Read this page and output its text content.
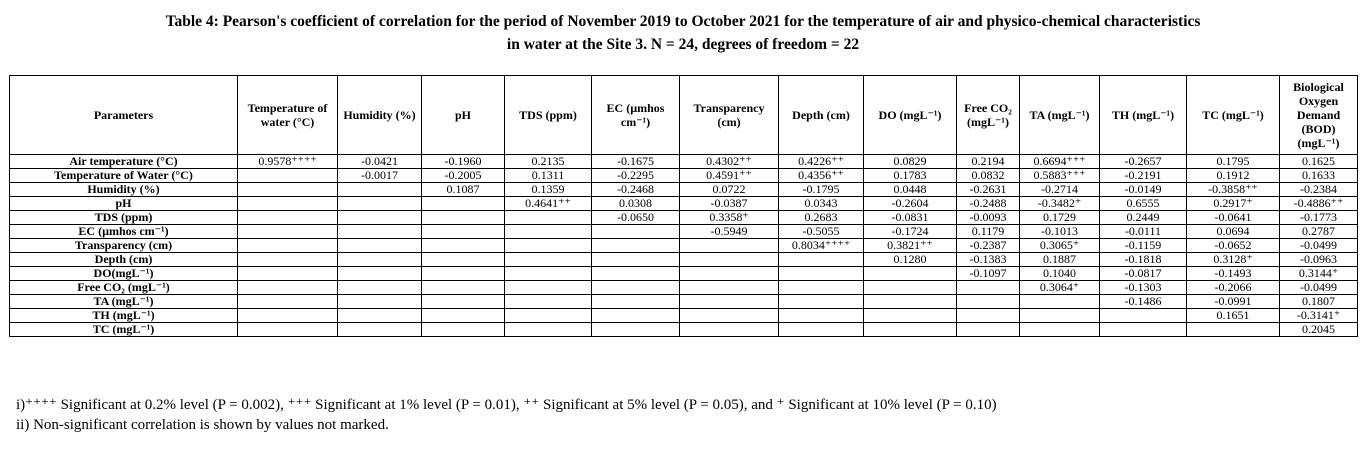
Table 4: Pearson's coefficient of correlation for the period of November 2019 to October 2021 for the temperature of air and physico-chemical characteristics
in water at the Site 3. N = 24, degrees of freedom = 22
Parameters	Temperature of water (°C)	Humidity (%)	pH	TDS (ppm)	EC (µmhos cm⁻¹)	Transparency (cm)	Depth (cm)	DO (mgL⁻¹)	Free CO₂ (mgL⁻¹)	TA (mgL⁻¹)	TH (mgL⁻¹)	TC (mgL⁻¹)	Biological Oxygen Demand (BOD) (mgL⁻¹)
Air temperature (°C)	0.9578⁺⁺⁺⁺	-0.0421	-0.1960	0.2135	-0.1675	0.4302⁺⁺	0.4226⁺⁺	0.0829	0.2194	0.6694⁺⁺⁺	-0.2657	0.1795	0.1625
Temperature of Water (°C)		-0.0017	-0.2005	0.1311	-0.2295	0.4591⁺⁺	0.4356⁺⁺	0.1783	0.0832	0.5883⁺⁺⁺	-0.2191	0.1912	0.1633
Humidity (%)			0.1087	0.1359	-0.2468	0.0722	-0.1795	0.0448	-0.2631	-0.2714	-0.0149	-0.3858⁺⁺	-0.2384
pH				0.4641⁺⁺	0.0308	-0.0387	0.0343	-0.2604	-0.2488	-0.3482⁺	0.6555	0.2917⁺	-0.4886⁺⁺
TDS (ppm)					-0.0650	0.3358⁺	0.2683	-0.0831	-0.0093	0.1729	0.2449	-0.0641	-0.1773
EC (µmhos cm⁻¹)						-0.5949	-0.5055	-0.1724	0.1179	-0.1013	-0.0111	0.0694	0.2787
Transparency (cm)							0.8034⁺⁺⁺⁺	0.3821⁺⁺	-0.2387	0.3065⁺	-0.1159	-0.0652	-0.0499
Depth (cm)								0.1280	-0.1383	0.1887	-0.1818	0.3128⁺	-0.0963
DO(mgL⁻¹)									-0.1097	0.1040	-0.0817	-0.1493	0.3144⁺
Free CO₂ (mgL⁻¹)										0.3064⁺	-0.1303	-0.2066	-0.0499
TA (mgL⁻¹)											-0.1486	-0.0991	0.1807
TH (mgL⁻¹)												0.1651	-0.3141⁺
TC (mgL⁻¹)													0.2045
i)⁺⁺⁺⁺ Significant at 0.2% level (P = 0.002), ⁺⁺⁺ Significant at 1% level (P = 0.01), ⁺⁺ Significant at 5% level (P = 0.05), and ⁺ Significant at 10% level (P = 0.10)
ii) Non-significant correlation is shown by values not marked.
